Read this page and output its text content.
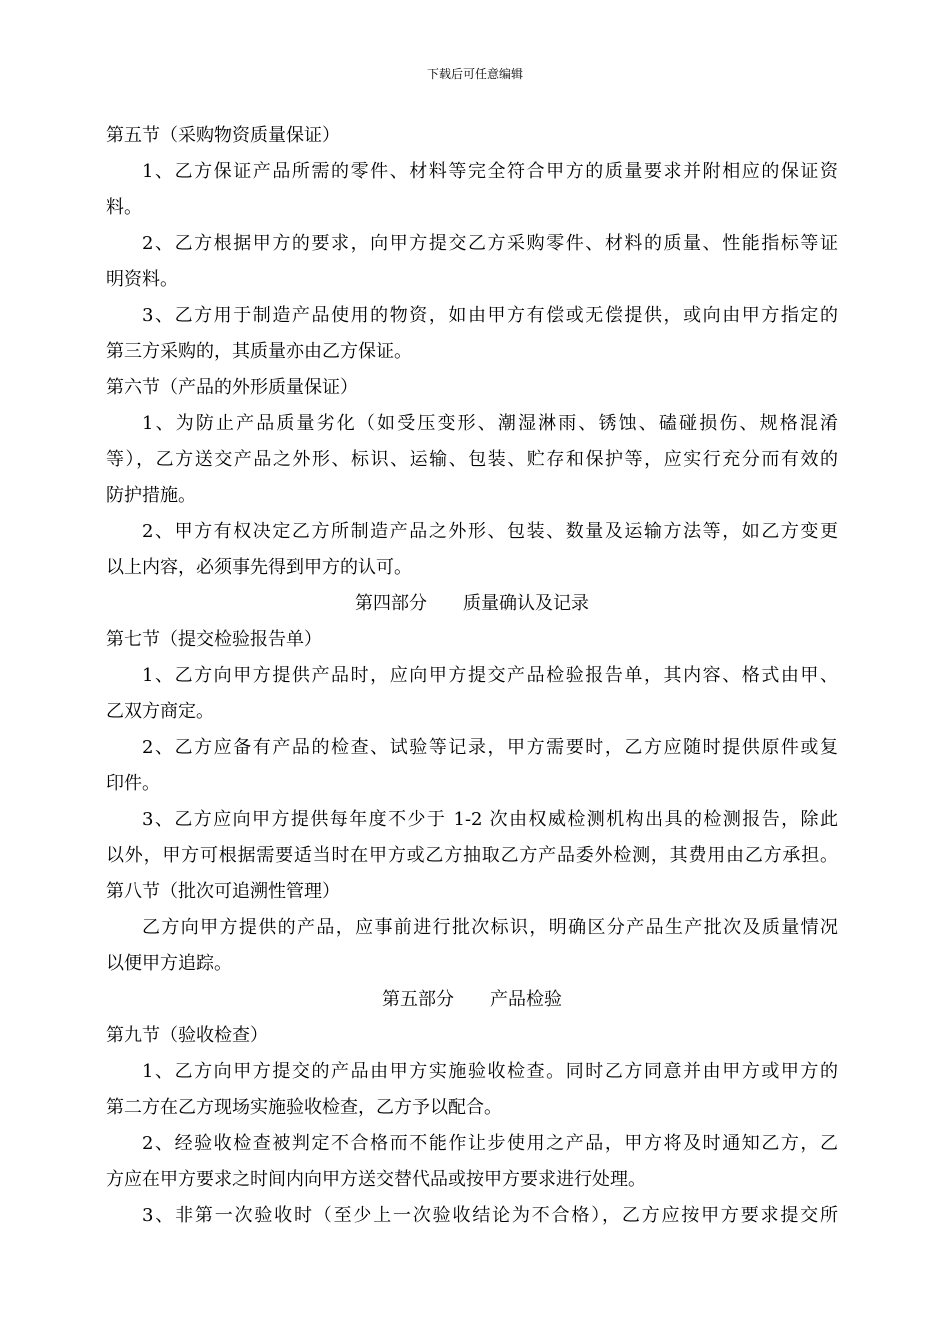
下载后可任意编辑
第五节（采购物资质量保证）
1、乙方保证产品所需的零件、材料等完全符合甲方的质量要求并附相应的保证资
料。
2、乙方根据甲方的要求，向甲方提交乙方采购零件、材料的质量、性能指标等证
明资料。
3、乙方用于制造产品使用的物资，如由甲方有偿或无偿提供，或向由甲方指定的
第三方采购的，其质量亦由乙方保证。
第六节（产品的外形质量保证）
1、为防止产品质量劣化（如受压变形、潮湿淋雨、锈蚀、磕碰损伤、规格混淆
等），乙方送交产品之外形、标识、运输、包装、贮存和保护等，应实行充分而有效的
防护措施。
2、甲方有权决定乙方所制造产品之外形、包装、数量及运输方法等，如乙方变更
以上内容，必须事先得到甲方的认可。
第四部分 质量确认及记录
第七节（提交检验报告单）
1、乙方向甲方提供产品时，应向甲方提交产品检验报告单，其内容、格式由甲、
乙双方商定。
2、乙方应备有产品的检查、试验等记录，甲方需要时，乙方应随时提供原件或复
印件。
3、乙方应向甲方提供每年度不少于 1-2 次由权威检测机构出具的检测报告，除此
以外，甲方可根据需要适当时在甲方或乙方抽取乙方产品委外检测，其费用由乙方承担。
第八节（批次可追溯性管理）
乙方向甲方提供的产品，应事前进行批次标识，明确区分产品生产批次及质量情况
以便甲方追踪。
第五部分 产品检验
第九节（验收检查）
1、乙方向甲方提交的产品由甲方实施验收检查。同时乙方同意并由甲方或甲方的
第二方在乙方现场实施验收检查，乙方予以配合。
2、经验收检查被判定不合格而不能作让步使用之产品，甲方将及时通知乙方，乙
方应在甲方要求之时间内向甲方送交替代品或按甲方要求进行处理。
3、非第一次验收时（至少上一次验收结论为不合格），乙方应按甲方要求提交所
